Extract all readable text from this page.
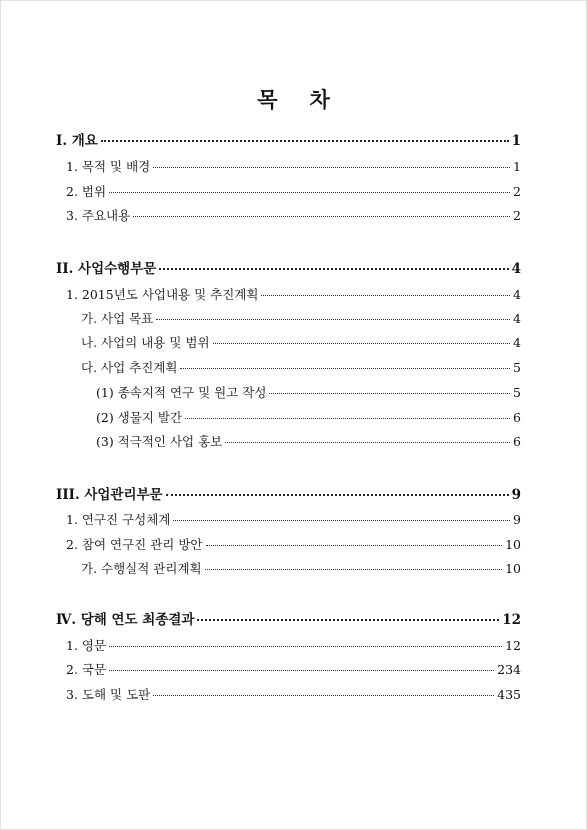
목 차
Ⅰ. 개요	1
1. 목적 및 배경	1
2. 범위	2
3. 주요내용	2
II. 사업수행부문	4
1. 2015년도 사업내용 및 추진계획	4
가. 사업 목표	4
나. 사업의 내용 및 범위	4
다. 사업 추진계획	5
(1) 종속지적 연구 및 원고 작성	5
(2) 생물지 발간	6
(3) 적극적인 사업 홍보	6
III. 사업관리부문	9
1. 연구진 구성체계	9
2. 참여 연구진 관리 방안	10
가. 수행실적 관리계획	10
Ⅳ. 당해 연도 최종결과	12
1. 영문	12
2. 국문	234
3. 도해 및 도판	435
